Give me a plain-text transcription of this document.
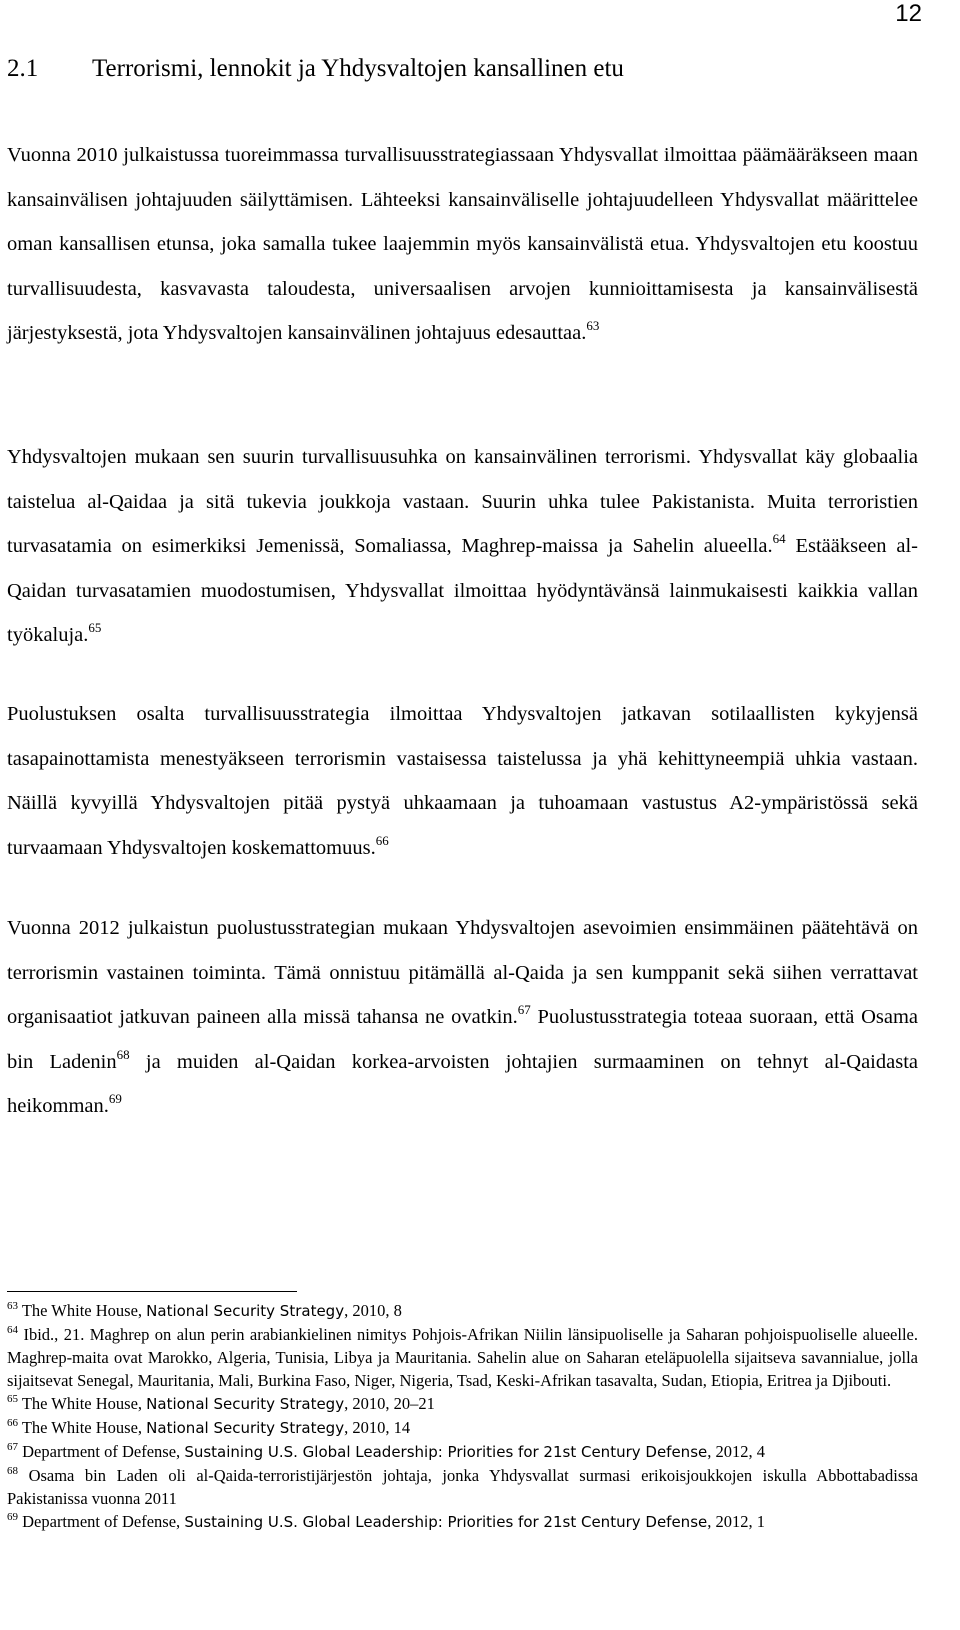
12
2.1 Terrorismi, lennokit ja Yhdysvaltojen kansallinen etu

Vuonna 2010 julkaistussa tuoreimmassa turvallisuusstrategiassaan Yhdysvallat ilmoittaa päämääräkseen maan kansainvälisen johtajuuden säilyttämisen. Lähteeksi kansainväliselle johtajuudelleen Yhdysvallat määrittelee oman kansallisen etunsa, joka samalla tukee laajemmin myös kansainvälistä etua. Yhdysvaltojen etu koostuu turvallisuudesta, kasvavasta taloudesta, universaalisen arvojen kunnioittamisesta ja kansainvälisestä järjestyksestä, jota Yhdysvaltojen kansainvälinen johtajuus edesauttaa.$^{63}$

Yhdysvaltojen mukaan sen suurin turvallisuusuhka on kansainvälinen terrorismi. Yhdysvallat käy globaalia taistelua al-Qaidaa ja sitä tukevia joukkoja vastaan. Suurin uhka tulee Pakistanista. Muita terroristien turvasatamia on esimerkiksi Jemenissä, Somaliassa, Maghrep-maissa ja Sahelin alueella.$^{64}$ Estääkseen al-Qaidan turvasatamien muodostumisen, Yhdysvallat ilmoittaa hyödyntävänsä lainmukaisesti kaikkia vallan työkaluja.$^{65}$

Puolustuksen osalta turvallisuusstrategia ilmoittaa Yhdysvaltojen jatkavan sotilaallisten kykyjensä tasapainottamista menestyäkseen terrorismin vastaisessa taistelussa ja yhä kehittyneempiä uhkia vastaan. Näillä kyvyillä Yhdysvaltojen pitää pystyä uhkaamaan ja tuhoamaan vastustus A2-ympäristössä sekä turvaamaan Yhdysvaltojen koskemattomuus.$^{66}$

Vuonna 2012 julkaistun puolustusstrategian mukaan Yhdysvaltojen asevoimien ensimmäinen päätehtävä on terrorismin vastainen toiminta. Tämä onnistuu pitämällä al-Qaida ja sen kumppanit sekä siihen verrattavat organisaatiot jatkuvan paineen alla missä tahansa ne ovatkin.$^{67}$ Puolustusstrategia toteaa suoraan, että Osama bin Ladenin$^{68}$ ja muiden al-Qaidan korkea-arvoisten johtajien surmaaminen on tehnyt al-Qaidasta heikomman.$^{69}$

$^{63}$ The White House, National Security Strategy, 2010, 8

$^{64}$ Ibid., 21. Maghrep on alun perin arabiankielinen nimitys Pohjois-Afrikan Niilin länsipuoliselle ja Saharan pohjoispuoliselle alueelle. Maghrep-maita ovat Marokko, Algeria, Tunisia, Libya ja Mauritania. Sahelin alue on Saharan eteläpuolella sijaitseva savannialue, jolla sijaitsevat Senegal, Mauritania, Mali, Burkina Faso, Niger, Nigeria, Tsad, Keski-Afrikan tasavalta, Sudan, Etiopia, Eritrea ja Djibouti.

$^{65}$ The White House, National Security Strategy, 2010, 20–21

$^{66}$ The White House, National Security Strategy, 2010, 14

$^{67}$ Department of Defense, Sustaining U.S. Global Leadership: Priorities for 21st Century Defense, 2012, 4

$^{68}$ Osama bin Laden oli al-Qaida-terroristijärjestön johtaja, jonka Yhdysvallat surmasi erikoisjoukkojen iskulla Abbottabadissa Pakistanissa vuonna 2011

$^{69}$ Department of Defense, Sustaining U.S. Global Leadership: Priorities for 21st Century Defense, 2012, 1
